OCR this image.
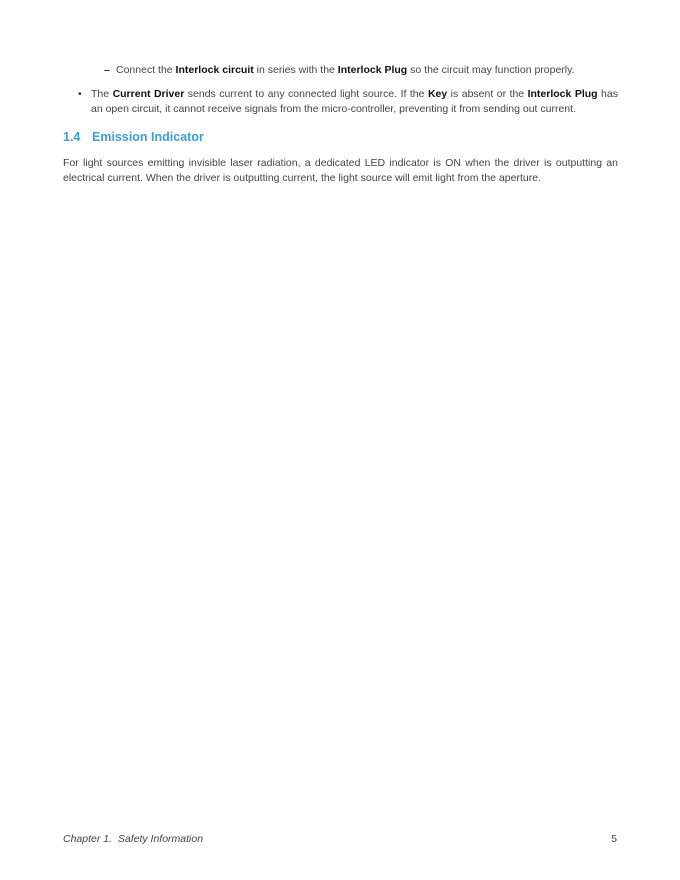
– Connect the Interlock circuit in series with the Interlock Plug so the circuit may function properly.
• The Current Driver sends current to any connected light source. If the Key is absent or the Interlock Plug has an open circuit, it cannot receive signals from the micro-controller, preventing it from sending out current.
1.4 Emission Indicator
For light sources emitting invisible laser radiation, a dedicated LED indicator is ON when the driver is outputting an electrical current. When the driver is outputting current, the light source will emit light from the aperture.
Chapter 1.  Safety Information	5
